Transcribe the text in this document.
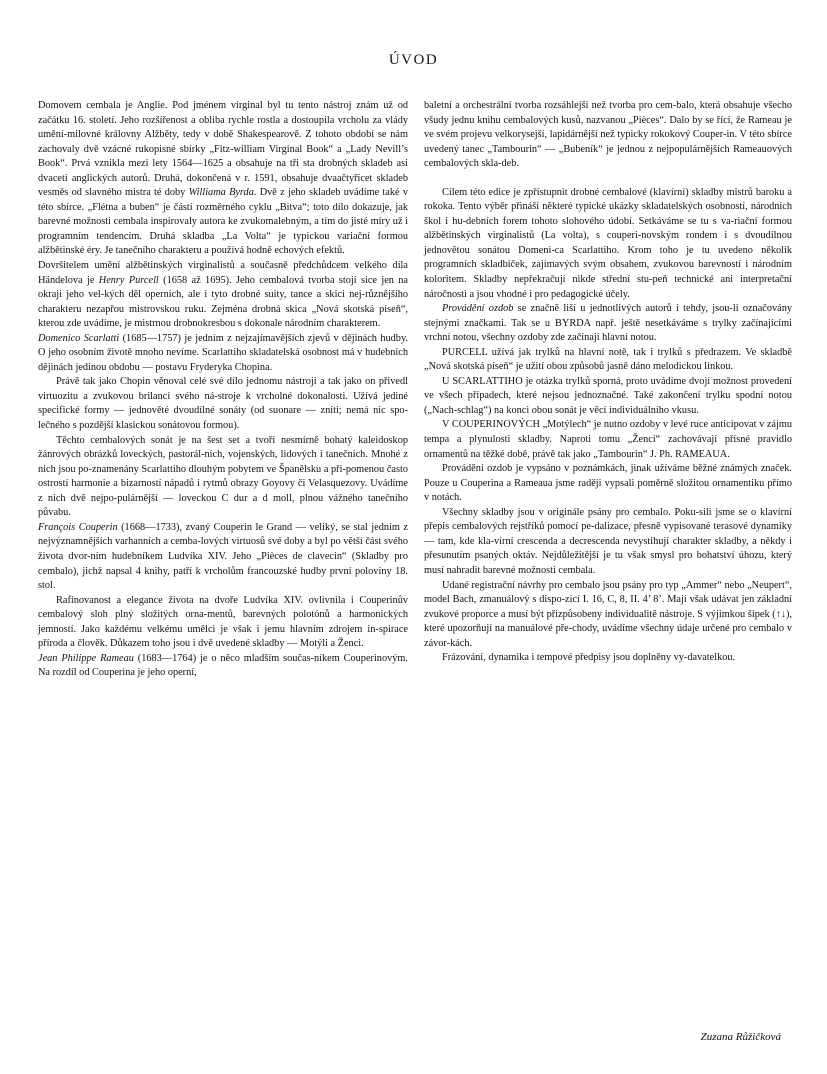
ÚVOD

Domovem cembala je Anglie. Pod jménem virginal byl tu tento nástroj znám už od začátku 16. století. Jeho rozšířenost a obliba rychle rostla a dostoupila vrcholu za vlády umění-milovné královny Alžběty, tedy v době Shakespearově. Z tohoto období se nám zachovaly dvě vzácné rukopisné sbírky „Fitz-william Virginal Book“ a „Lady Nevill’s Book“. Prvá vznikla mezi lety 1564—1625 a obsahuje na tři sta drobných skladeb asi dvaceti anglických autorů. Druhá, dokončená v r. 1591, obsahuje dvaačtyřicet skladeb vesměs od slavného mistra té doby Williama Byrda. Dvě z jeho skladeb uvádíme také v této sbírce. „Flétna a buben“ je částí rozměrného cyklu „Bitva“; toto dílo dokazuje, jak barevné možnosti cembala inspirovaly autora ke zvukomalebným, a tím do jisté míry už i programním tendencím. Druhá skladba „La Volta“ je typickou variační formou alžbětinské éry. Je tanečního charakteru a používá hodně echových efektů.

Dovršitelem umění alžbětinských virginalistů a současně předchůdcem velkého díla Händelova je Henry Purcell (1658 až 1695). Jeho cembalová tvorba stojí sice jen na okraji jeho vel-kých děl operních, ale i tyto drobné suity, tance a skici nej-různějšího charakteru nezapřou mistrovskou ruku. Zejména drobná skica „Nová skotská píseň“, kterou zde uvádíme, je mistrnou drobnokresbou s dokonale národním charakterem.

Domenico Scarlatti (1685—1757) je jedním z nejzajímavějších zjevů v dějinách hudby. O jeho osobním životě mnoho nevíme. Scarlattiho skladatelská osobnost má v hudebních dějinách jedinou obdobu — postavu Fryderyka Chopina.

Právě tak jako Chopin věnoval celé své dílo jednomu nástroji a tak jako on přivedl virtuozitu a zvukovou brilanci svého ná-stroje k vrcholné dokonalosti. Užívá jediné specifické formy — jednověté dvoudílné sonáty (od suonare — zníti; nemá nic spo-lečného s pozdější klasickou sonátovou formou).

Těchto cembalových sonát je na šest set a tvoří nesmírně bohatý kaleidoskop žánrových obrázků loveckých, pastorál-ních, vojenských, lidových i tanečních. Mnohé z nich jsou po-znamenány Scarlattiho dlouhým pobytem ve Španělsku a při-pomenou často ostrostí harmonie a bizarností nápadů i rytmů obrazy Goyovy či Velasquezovy. Uvádíme z nich dvě nejpo-pulárnější — loveckou C dur a d moll, plnou vážného tanečního půvabu.

François Couperin (1668—1733), zvaný Couperin le Grand — veliký, se stal jedním z nejvýznamnějších varhanních a cemba-lových virtuosů své doby a byl po větší část svého života dvor-ním hudebníkem Ludvíka XIV. Jeho „Pièces de clavecin“ (Skladby pro cembalo), jichž napsal 4 knihy, patří k vrcholům francouzské hudby první poloviny 18. stol.

Rafinovanost a elegance života na dvoře Ludvíka XIV. ovlivnila i Couperinův cembalový sloh plný složitých orna-mentů, barevných polotónů a harmonických jemností. Jako každému velkému umělci je však i jemu hlavním zdrojem in-spirace příroda a člověk. Důkazem toho jsou i dvě uvedené skladby — Motýli a Ženci.

Jean Philippe Rameau (1683—1764) je o něco mladším součas-níkem Couperinovým. Na rozdíl od Couperina je jeho operní,

baletní a orchestrální tvorba rozsáhlejší než tvorba pro cem-balo, která obsahuje všecho všudy jednu knihu cembalových kusů, nazvanou „Pièces“. Dalo by se říci, že Rameau je ve svém projevu velkorysejší, lapidárnější než typicky rokokový Couper-in. V této sbírce uvedený tanec „Tambourin“ — „Bubeník“ je jednou z nejpopulárnějších Rameauových cembalových skla-deb.

Cílem této edice je zpřístupnit drobné cembalové (klavírní) skladby mistrů baroku a rokoka. Tento výběr přináší některé typické ukázky skladatelských osobností, národních škol i hu-debních forem tohoto slohového údobí. Setkáváme se tu s va-riační formou alžbětinských virginalistů (La volta), s couperi-novským rondem i s dvoudílnou jednovětou sonátou Domeni-ca Scarlattiho. Krom toho je tu uvedeno několik programních skladbiček, zajímavých svým obsahem, zvukovou barevností i národním koloritem. Skladby nepřekračují nikde střední stu-peň technické ani interpretační náročnosti a jsou vhodné i pro pedagogické účely.

Provádění ozdob se značně liší u jednotlivých autorů i tehdy, jsou-li označovány stejnými značkami. Tak se u BYRDA např. ještě nesetkáváme s trylky začínajícími vrchní notou, všechny ozdoby zde začínají hlavní notou.

PURCELL užívá jak trylků na hlavní notě, tak i trylků s předrazem. Ve skladbě „Nová skotská píseň“ je užití obou způsobů jasně dáno melodickou linkou.

U SCARLATTIHO je otázka trylků sporná, proto uvádíme dvojí možnost provedení ve všech případech, které nejsou jednoznačné. Také zakončení trylku spodní notou („Nach-schlag“) na konci obou sonát je věcí individuálního vkusu.

V COUPERINOVÝCH „Motýlech“ je nutno ozdoby v levé ruce anticipovat v zájmu tempa a plynulosti skladby. Naproti tomu „Ženci“ zachovávají přísné pravidlo ornamentů na těžké době, právě tak jako „Tambourin“ J. Ph. RAMEAUA.

Provádění ozdob je vypsáno v poznámkách, jinak užíváme běžné známých značek. Pouze u Couperina a Rameaua jsme raději vypsali poměrně složitou ornamentiku přímo v notách.

Všechny skladby jsou v originále psány pro cembalo. Poku-sili jsme se o klavírní přepis cembalových rejstříků pomocí pe-dalizace, přesně vypisované terasové dynamiky — tam, kde kla-vírní crescenda a decrescenda nevystihují charakter skladby, a někdy i přesunutím psaných oktáv. Nejdůležitější je tu však smysl pro bohatství úhozu, který musí nahradit barevné možnosti cembala.

Udané registrační návrhy pro cembalo jsou psány pro typ „Ammer“ nebo „Neupert“, model Bach, zmanuálový s dispo-zicí I. 16, C, 8, II. 4’ 8’. Mají však udávat jen základní zvukové proporce a musí být přizpůsobeny individualitě nástroje. S výjimkou šipek (↑↓), které upozorňují na manuálové pře-chody, uvádíme všechny údaje určené pro cembalo v závor-kách.

Frázování, dynamika i tempové předpisy jsou doplněny vy-davatelkou.

Zuzana Růžičková
